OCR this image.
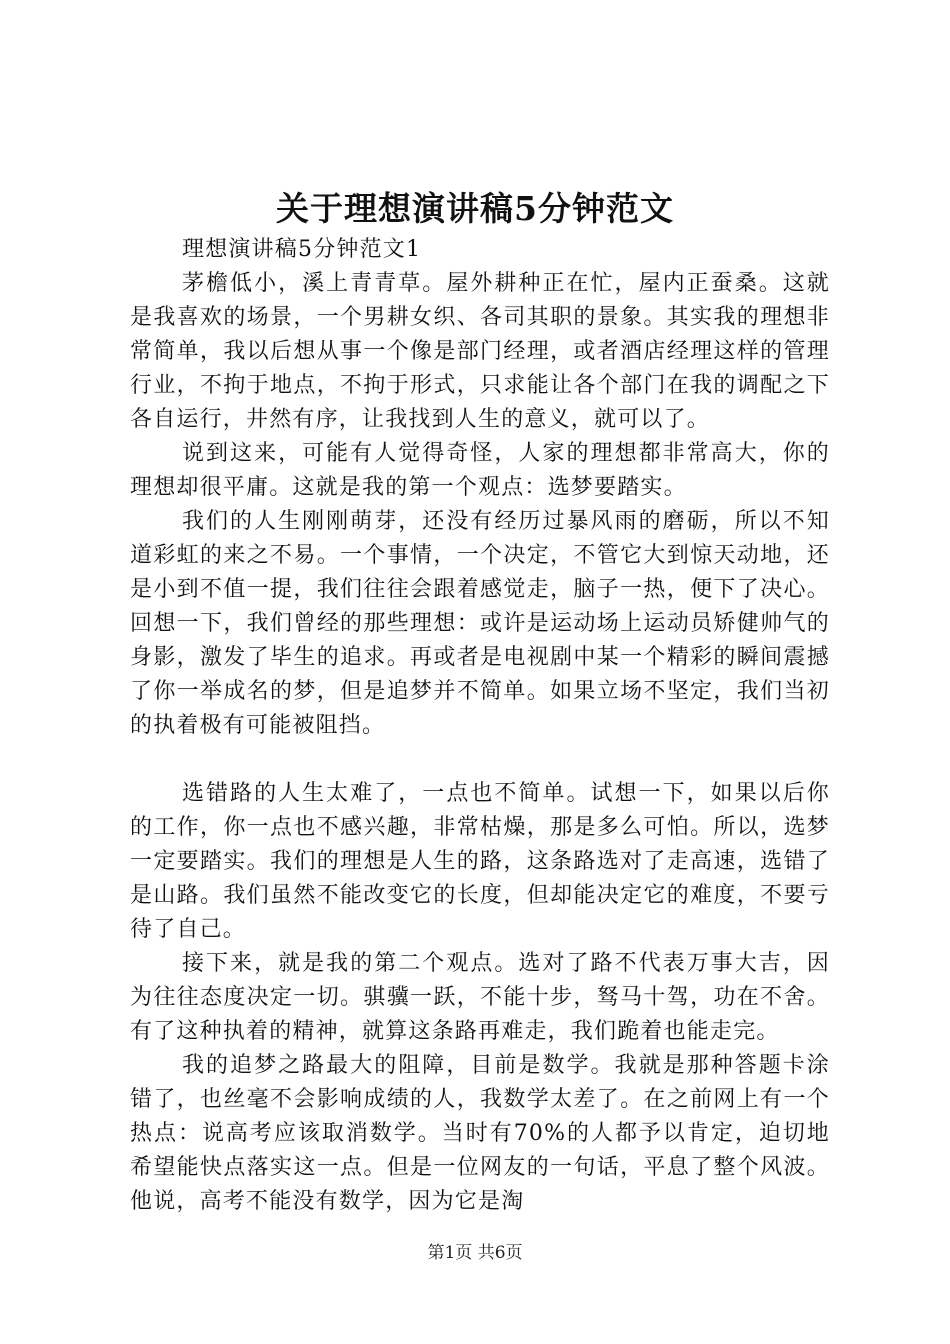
关于理想演讲稿5分钟范文

理想演讲稿5分钟范文1

茅檐低小，溪上青青草。屋外耕种正在忙，屋内正蚕桑。这就是我喜欢的场景，一个男耕女织、各司其职的景象。其实我的理想非常简单，我以后想从事一个像是部门经理，或者酒店经理这样的管理行业，不拘于地点，不拘于形式，只求能让各个部门在我的调配之下各自运行，井然有序，让我找到人生的意义，就可以了。

说到这来，可能有人觉得奇怪，人家的理想都非常高大，你的理想却很平庸。这就是我的第一个观点：选梦要踏实。

我们的人生刚刚萌芽，还没有经历过暴风雨的磨砺，所以不知道彩虹的来之不易。一个事情，一个决定，不管它大到惊天动地，还是小到不值一提，我们往往会跟着感觉走，脑子一热，便下了决心。回想一下，我们曾经的那些理想：或许是运动场上运动员矫健帅气的身影，激发了毕生的追求。再或者是电视剧中某一个精彩的瞬间震撼了你一举成名的梦，但是追梦并不简单。如果立场不坚定，我们当初的执着极有可能被阻挡。

选错路的人生太难了，一点也不简单。试想一下，如果以后你的工作，你一点也不感兴趣，非常枯燥，那是多么可怕。所以，选梦一定要踏实。我们的理想是人生的路，这条路选对了走高速，选错了是山路。我们虽然不能改变它的长度，但却能决定它的难度，不要亏待了自己。

接下来，就是我的第二个观点。选对了路不代表万事大吉，因为往往态度决定一切。骐骥一跃，不能十步，驽马十驾，功在不舍。有了这种执着的精神，就算这条路再难走，我们跪着也能走完。

我的追梦之路最大的阻障，目前是数学。我就是那种答题卡涂错了，也丝毫不会影响成绩的人，我数学太差了。在之前网上有一个热点：说高考应该取消数学。当时有70%的人都予以肯定，迫切地希望能快点落实这一点。但是一位网友的一句话，平息了整个风波。他说，高考不能没有数学，因为它是淘

第1页 共6页
